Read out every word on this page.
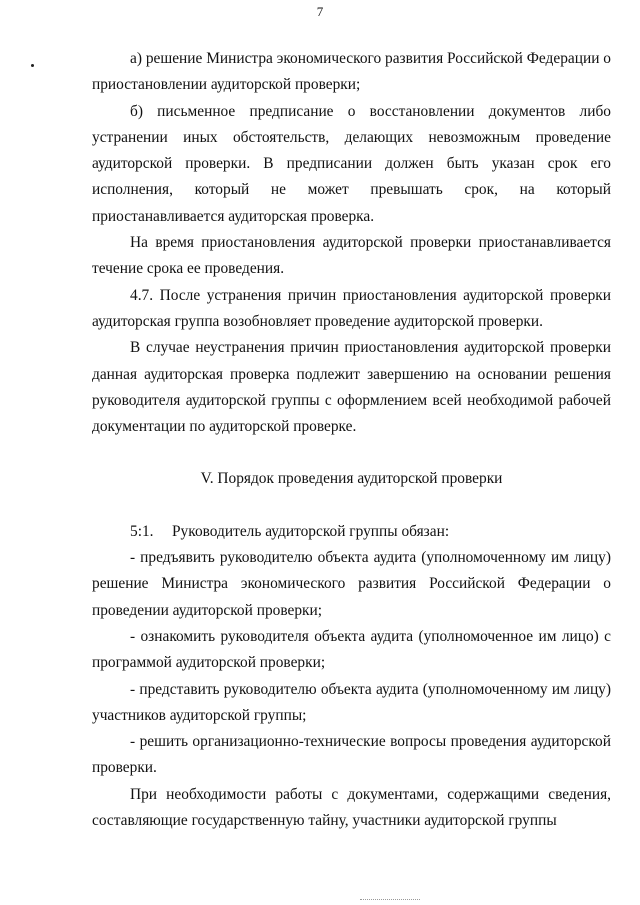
7

а) решение Министра экономического развития Российской Федерации о приостановлении аудиторской проверки;

б) письменное предписание о восстановлении документов либо устранении иных обстоятельств, делающих невозможным проведение аудиторской проверки. В предписании должен быть указан срок его исполнения, который не может превышать срок, на который приостанавливается аудиторская проверка.

На время приостановления аудиторской проверки приостанавливается течение срока ее проведения.

4.7. После устранения причин приостановления аудиторской проверки аудиторская группа возобновляет проведение аудиторской проверки.

В случае неустранения причин приостановления аудиторской проверки данная аудиторская проверка подлежит завершению на основании решения руководителя аудиторской группы с оформлением всей необходимой рабочей документации по аудиторской проверке.

V. Порядок проведения аудиторской проверки

5:1. Руководитель аудиторской группы обязан:

- предъявить руководителю объекта аудита (уполномоченному им лицу) решение Министра экономического развития Российской Федерации о проведении аудиторской проверки;

- ознакомить руководителя объекта аудита (уполномоченное им лицо) с программой аудиторской проверки;

- представить руководителю объекта аудита (уполномоченному им лицу) участников аудиторской группы;

- решить организационно-технические вопросы проведения аудиторской проверки.

При необходимости работы с документами, содержащими сведения, составляющие государственную тайну, участники аудиторской группы
